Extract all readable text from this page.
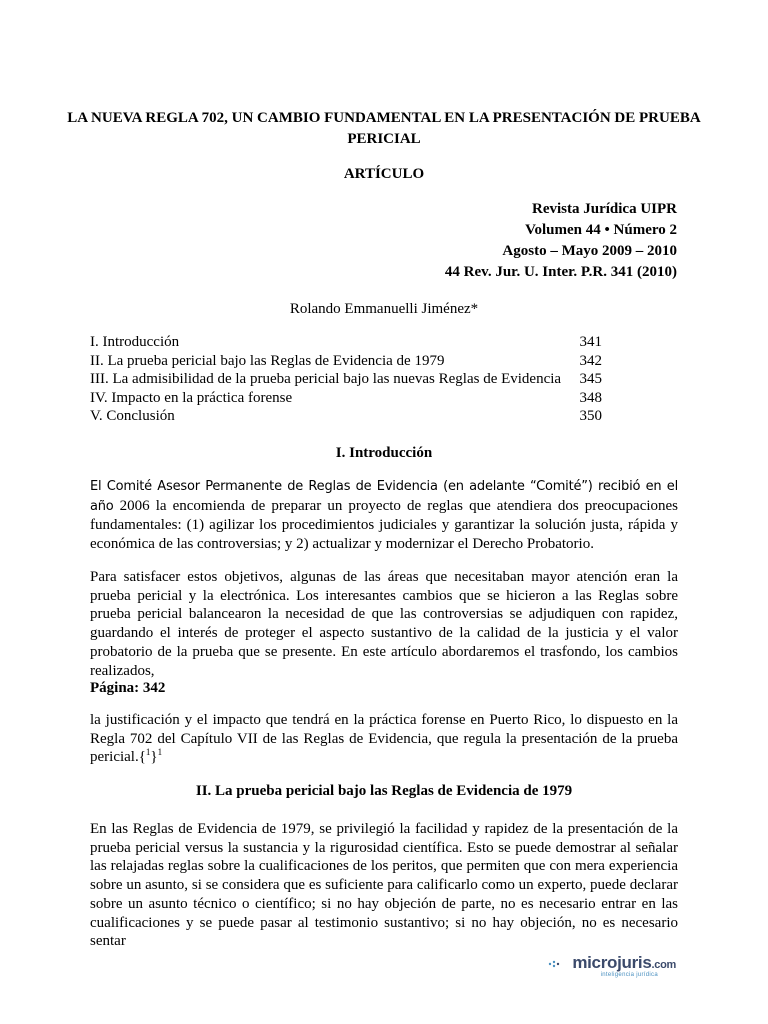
LA NUEVA REGLA 702, UN CAMBIO FUNDAMENTAL EN LA PRESENTACIÓN DE PRUEBA PERICIAL
ARTÍCULO
Revista Jurídica UIPR
Volumen 44 • Número 2
Agosto – Mayo 2009 – 2010
44 Rev. Jur. U. Inter. P.R. 341 (2010)
Rolando Emmanuelli Jiménez*
I. Introducción	341
II. La prueba pericial bajo las Reglas de Evidencia de 1979	342
III. La admisibilidad de la prueba pericial bajo las nuevas Reglas de Evidencia 345
IV. Impacto en la práctica forense	348
V. Conclusión	350
I. Introducción
El Comité Asesor Permanente de Reglas de Evidencia (en adelante “Comité”) recibió en el año 2006 la encomienda de preparar un proyecto de reglas que atendiera dos preocupaciones fundamentales: (1) agilizar los procedimientos judiciales y garantizar la solución justa, rápida y económica de las controversias; y 2) actualizar y modernizar el Derecho Probatorio.
Para satisfacer estos objetivos, algunas de las áreas que necesitaban mayor atención eran la prueba pericial y la electrónica. Los interesantes cambios que se hicieron a las Reglas sobre prueba pericial balancearon la necesidad de que las controversias se adjudiquen con rapidez, guardando el interés de proteger el aspecto sustantivo de la calidad de la justicia y el valor probatorio de la prueba que se presente. En este artículo abordaremos el trasfondo, los cambios realizados,
Página: 342
la justificación y el impacto que tendrá en la práctica forense en Puerto Rico, lo dispuesto en la Regla 702 del Capítulo VII de las Reglas de Evidencia, que regula la presentación de la prueba $pericial.\{^1\}^1$
II. La prueba pericial bajo las Reglas de Evidencia de 1979
En las Reglas de Evidencia de 1979, se privilegió la facilidad y rapidez de la presentación de la prueba pericial versus la sustancia y la rigurosidad científica. Esto se puede demostrar al señalar las relajadas reglas sobre la cualificaciones de los peritos, que permiten que con mera experiencia sobre un asunto, si se considera que es suficiente para calificarlo como un experto, puede declarar sobre un asunto técnico o científico; si no hay objeción de parte, no es necesario entrar en las cualificaciones y se puede pasar al testimonio sustantivo; si no hay objeción, no es necesario sentar
microjuris.com
inteligencia jurídica
